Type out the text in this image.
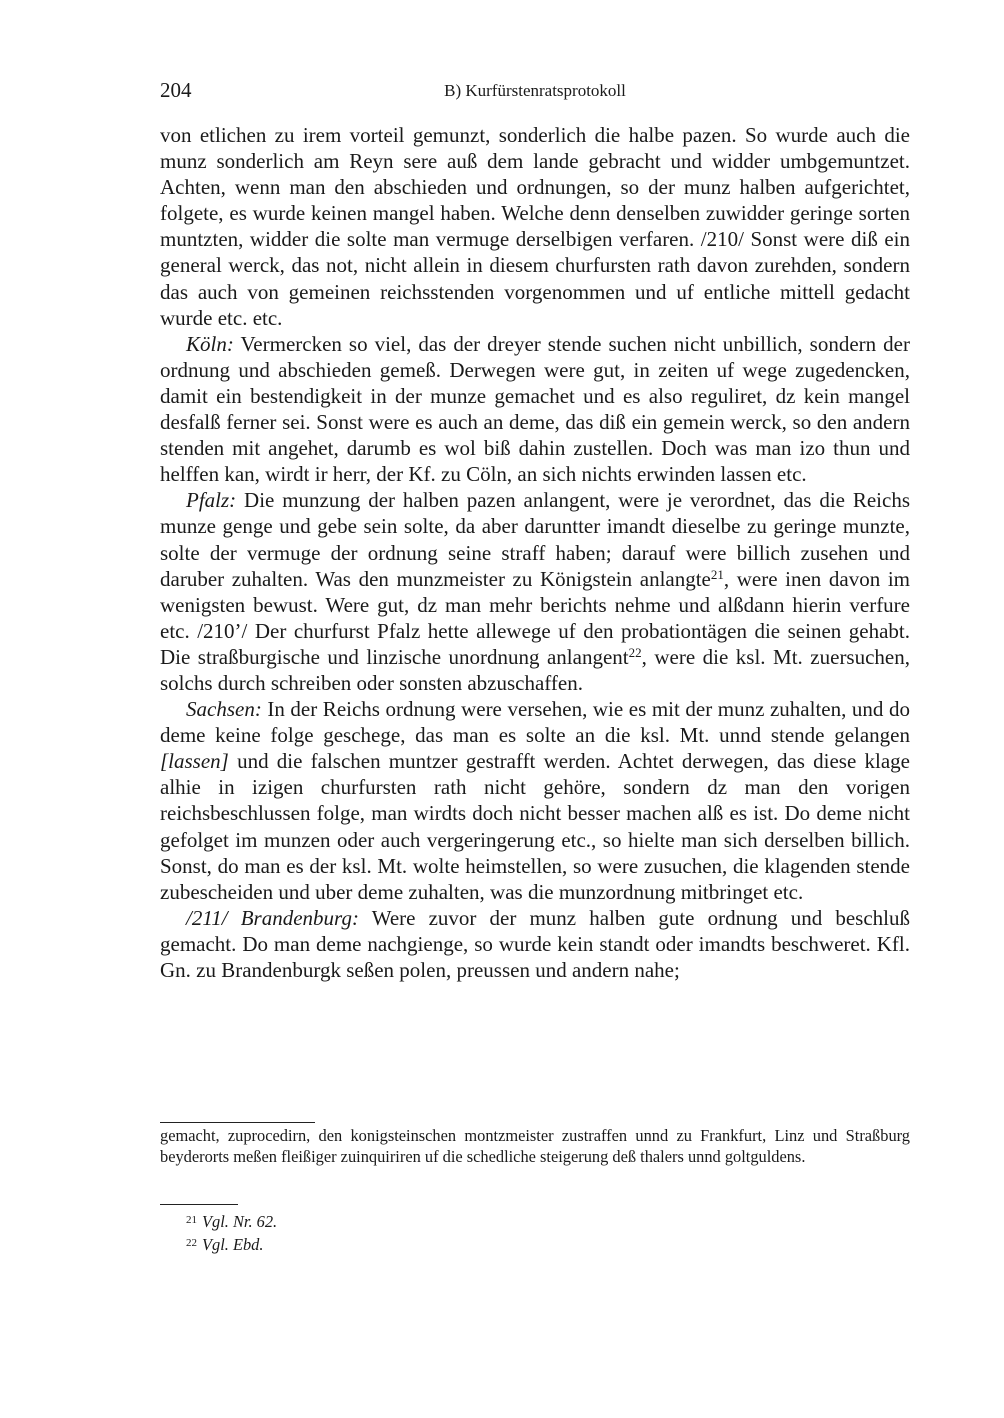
204	B) Kurfürstenratsprotokoll

von etlichen zu irem vorteil gemunzt, sonderlich die halbe pazen. So wurde auch die munz sonderlich am Reyn sere auß dem lande gebracht und widder umbgemuntzet. Achten, wenn man den abschieden und ordnungen, so der munz halben aufgerichtet, folgete, es wurde keinen mangel haben. Welche denn denselben zuwidder geringe sorten muntzten, widder die solte man vermuge derselbigen verfaren. /210/ Sonst were diß ein general werck, das not, nicht allein in diesem churfursten rath davon zurehden, sondern das auch von gemeinen reichsstenden vorgenommen und uf entliche mittell gedacht wurde etc. etc.

Köln: Vermercken so viel, das der dreyer stende suchen nicht unbillich, sondern der ordnung und abschieden gemeß. Derwegen were gut, in zeiten uf wege zugedencken, damit ein bestendigkeit in der munze gemachet und es also reguliret, dz kein mangel desfalß ferner sei. Sonst were es auch an deme, das diß ein gemein werck, so den andern stenden mit angehet, darumb es wol biß dahin zustellen. Doch was man izo thun und helffen kan, wirdt ir herr, der Kf. zu Cöln, an sich nichts erwinden lassen etc.

Pfalz: Die munzung der halben pazen anlangent, were je verordnet, das die Reichs munze genge und gebe sein solte, da aber daruntter imandt dieselbe zu geringe munzte, solte der vermuge der ordnung seine straff haben; darauf were billich zusehen und daruber zuhalten. Was den munzmeister zu Königstein anlangte$^{21}$, were inen davon im wenigsten bewust. Were gut, dz man mehr berichts nehme und alßdann hierin verfure etc. /210’/ Der churfurst Pfalz hette allewege uf den probationtägen die seinen gehabt. Die straßburgische und linzische unordnung anlangent$^{22}$, were die ksl. Mt. zuersuchen, solchs durch schreiben oder sonsten abzuschaffen.

Sachsen: In der Reichs ordnung were versehen, wie es mit der munz zuhalten, und do deme keine folge geschege, das man es solte an die ksl. Mt. unnd stende gelangen [lassen] und die falschen muntzer gestrafft werden. Achtet derwegen, das diese klage alhie in izigen churfursten rath nicht gehöre, sondern dz man den vorigen reichsbeschlussen folge, man wirdts doch nicht besser machen alß es ist. Do deme nicht gefolget im munzen oder auch vergeringerung etc., so hielte man sich derselben billich. Sonst, do man es der ksl. Mt. wolte heimstellen, so were zusuchen, die klagenden stende zubescheiden und uber deme zuhalten, was die munzordnung mitbringet etc.

/211/ Brandenburg: Were zuvor der munz halben gute ordnung und beschluß gemacht. Do man deme nachgienge, so wurde kein standt oder imandts beschweret. Kfl. Gn. zu Brandenburgk seßen polen, preussen und andern nahe;

gemacht, zuprocedirn, den konigsteinschen montzmeister zustraffen unnd zu Frankfurt, Linz und Straßburg beyderorts meßen fleißiger zuinquiriren uf die schedliche steigerung deß thalers unnd goltguldens.

$^{21}$ Vgl. Nr. 62.
$^{22}$ Vgl. Ebd.
